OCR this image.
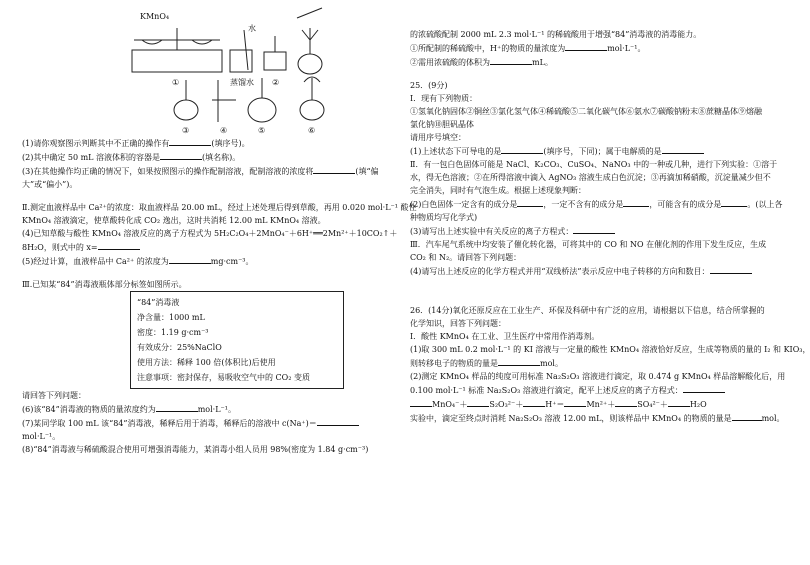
KMnO₄
水
蒸馏水
①	②
③	④	⑤	⑥
(1)请你观察图示判断其中不正确的操作有	(填序号)。
(2)其中确定 50 mL 溶液体积的容器是	(填名称)。
(3)在其他操作均正确的情况下，如果按照图示的操作配制溶液，配制溶液的浓度将	(填“偏
大”或“偏小”)。
Ⅱ.测定血液样品中 Ca²⁺的浓度：取血液样品 20.00 mL，经过上述处理后得到草酸，再用 0.020 mol·L⁻¹ 酸性
KMnO₄ 溶液滴定，使草酸转化成 CO₂ 逸出，这时共消耗 12.00 mL KMnO₄ 溶液。
(4)已知草酸与酸性 KMnO₄ 溶液反应的离子方程式为 5H₂C₂O₄＋2MnO₄⁻＋6H⁺══2Mn²⁺＋10CO₂↑＋
8H₂O，则式中的 x=
(5)经过计算，血液样品中 Ca²⁺ 的浓度为	mg·cm⁻³。
Ⅲ.已知某“84”消毒液瓶体部分标签如图所示。
“84”消毒液
净含量：1000 mL
密度：1.19 g·cm⁻³
有效成分：25%NaClO
使用方法：稀释 100 倍(体积比)后使用
注意事项：密封保存，易吸收空气中的 CO₂ 变质
请回答下列问题：
(6)该“84”消毒液的物质的量浓度约为	mol·L⁻¹。
(7)某同学取 100 mL 该“84”消毒液，稀释后用于消毒，稀释后的溶液中 c(Na⁺)＝
mol·L⁻¹。
(8)“84”消毒液与稀硫酸混合使用可增强消毒能力，某消毒小组人员用 98%(密度为 1.84 g·cm⁻³)
的浓硫酸配制 2000 mL 2.3 mol·L⁻¹ 的稀硫酸用于增强“84”消毒液的消毒能力。
①所配制的稀硫酸中，H⁺的物质的量浓度为	mol·L⁻¹。
②需用浓硫酸的体积为	mL。
25．(9分)
Ⅰ．现有下列物质：
①氢氧化钠固体②铜丝③氯化氢气体④稀硫酸⑤二氧化碳气体⑥氨水⑦碳酸钠粉末⑧蔗糖晶体⑨熔融
氯化钠⑩胆矾晶体
请用序号填空：
(1)上述状态下可导电的是	(填序号，下同)；属于电解质的是
Ⅱ．有一包白色固体可能是 NaCl、K₂CO₃、CuSO₄、NaNO₃ 中的一种或几种，进行下列实验：①溶于
水，得无色溶液；②在所得溶液中滴入 AgNO₃ 溶液生成白色沉淀；③再滴加稀硝酸，沉淀量减少但不
完全消失，同时有气泡生成。根据上述现象判断：
(2)白色固体一定含有的成分是	，一定不含有的成分是	，可能含有的成分是	。(以上各
种物质均写化学式)
(3)请写出上述实验中有关反应的离子方程式：
Ⅲ．汽车尾气系统中均安装了催化转化器，可将其中的 CO 和 NO 在催化剂的作用下发生反应，生成
CO₂ 和 N₂。请回答下列问题：
(4)请写出上述反应的化学方程式并用“双线桥法”表示反应中电子转移的方向和数目：
26．(14分)氧化还原反应在工业生产、环保及科研中有广泛的应用，请根据以下信息，结合所掌握的
化学知识，回答下列问题：
Ⅰ．酸性 KMnO₄ 在工业、卫生医疗中常用作消毒剂。
(1)取 300 mL 0.2 mol·L⁻¹ 的 KI 溶液与一定量的酸性 KMnO₄ 溶液恰好反应，生成等物质的量的 I₂ 和 KIO₃，
则转移电子的物质的量是	mol。
(2)测定 KMnO₄ 样品的纯度可用标准 Na₂S₂O₃ 溶液进行滴定，取 0.474 g KMnO₄ 样品溶解酸化后，用
0.100 mol·L⁻¹ 标准 Na₂S₂O₃ 溶液进行滴定，配平上述反应的离子方程式：
MnO₄⁻＋	S₂O₃²⁻＋	H⁺＝	Mn²⁺＋	SO₄²⁻＋	H₂O
实验中，滴定至终点时消耗 Na₂S₂O₃ 溶液 12.00 mL，则该样品中 KMnO₄ 的物质的量是	mol。
